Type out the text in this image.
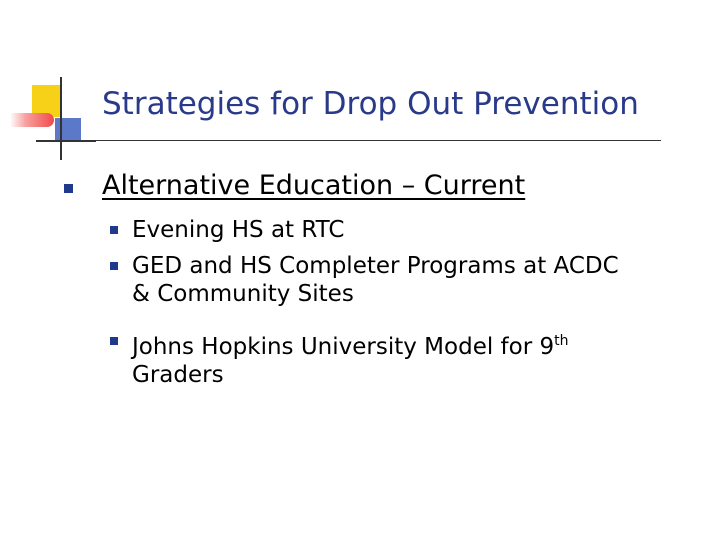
Strategies for Drop Out Prevention
Alternative Education – Current
Evening HS at RTC
GED and HS Completer Programs at ACDC & Community Sites
Johns Hopkins University Model for 9th
Graders
